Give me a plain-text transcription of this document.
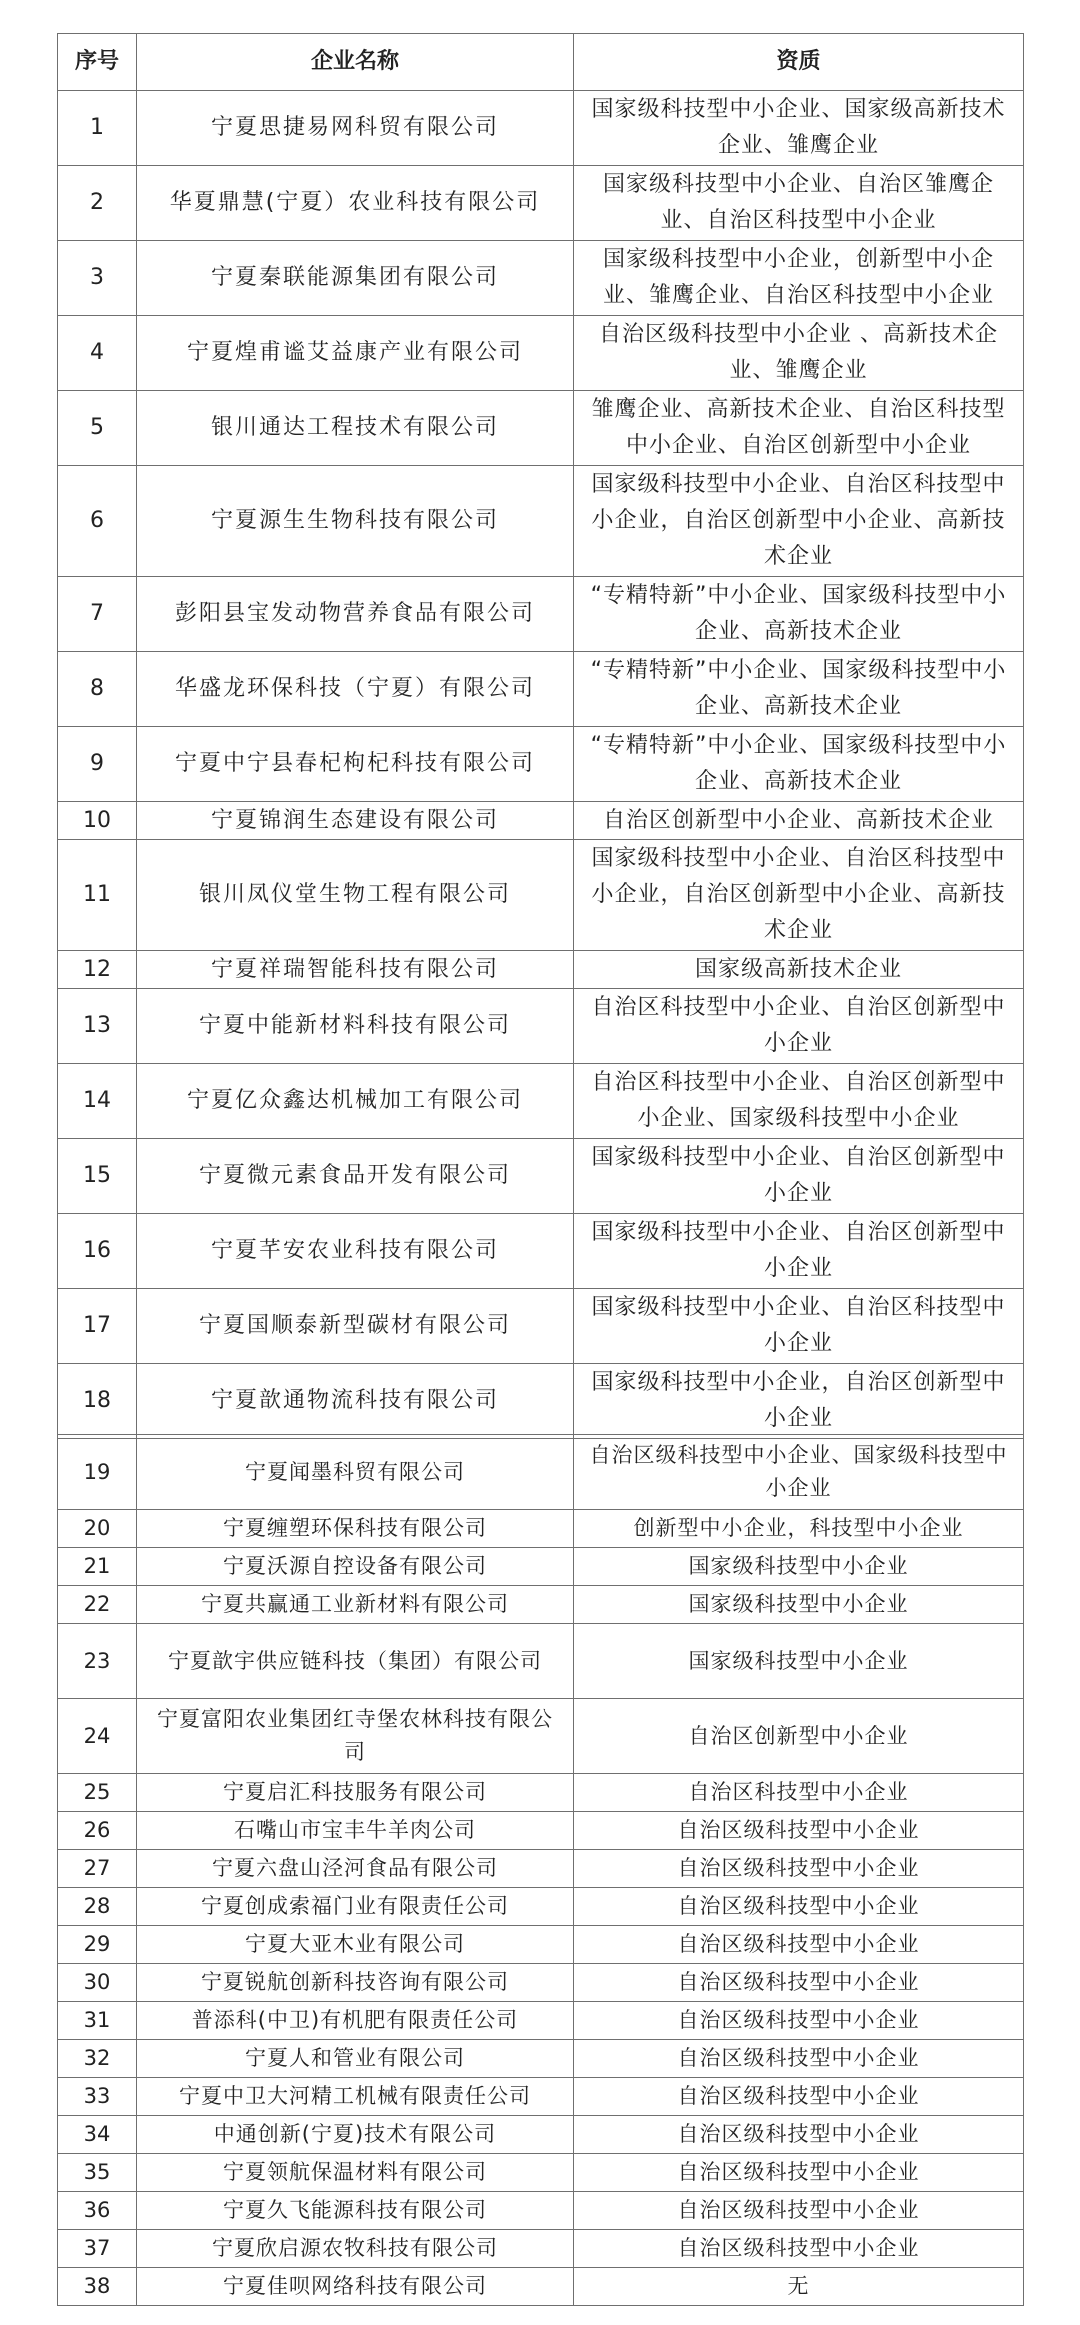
序号	企业名称	资质
1	宁夏思捷易网科贸有限公司	国家级科技型中小企业、国家级高新技术企业、雏鹰企业
2	华夏鼎慧(宁夏）农业科技有限公司	国家级科技型中小企业、自治区雏鹰企业、自治区科技型中小企业
3	宁夏秦联能源集团有限公司	国家级科技型中小企业，创新型中小企业、雏鹰企业、自治区科技型中小企业
4	宁夏煌甫谧艾益康产业有限公司	自治区级科技型中小企业 、高新技术企业、雏鹰企业
5	银川通达工程技术有限公司	雏鹰企业、高新技术企业、自治区科技型中小企业、自治区创新型中小企业
6	宁夏源生生物科技有限公司	国家级科技型中小企业、自治区科技型中小企业，自治区创新型中小企业、高新技术企业
7	彭阳县宝发动物营养食品有限公司	“专精特新”中小企业、国家级科技型中小企业、高新技术企业
8	华盛龙环保科技（宁夏）有限公司	“专精特新”中小企业、国家级科技型中小企业、高新技术企业
9	宁夏中宁县春杞枸杞科技有限公司	“专精特新”中小企业、国家级科技型中小企业、高新技术企业
10	宁夏锦润生态建设有限公司	自治区创新型中小企业、高新技术企业
11	银川凤仪堂生物工程有限公司	国家级科技型中小企业、自治区科技型中小企业，自治区创新型中小企业、高新技术企业
12	宁夏祥瑞智能科技有限公司	国家级高新技术企业
13	宁夏中能新材料科技有限公司	自治区科技型中小企业、自治区创新型中小企业
14	宁夏亿众鑫达机械加工有限公司	自治区科技型中小企业、自治区创新型中小企业、国家级科技型中小企业
15	宁夏微元素食品开发有限公司	国家级科技型中小企业、自治区创新型中小企业
16	宁夏芊安农业科技有限公司	国家级科技型中小企业、自治区创新型中小企业
17	宁夏国顺泰新型碳材有限公司	国家级科技型中小企业、自治区科技型中小企业
18	宁夏歆通物流科技有限公司	国家级科技型中小企业，自治区创新型中小企业
19	宁夏闻墨科贸有限公司	自治区级科技型中小企业、国家级科技型中小企业
20	宁夏缠塑环保科技有限公司	创新型中小企业，科技型中小企业
21	宁夏沃源自控设备有限公司	国家级科技型中小企业
22	宁夏共赢通工业新材料有限公司	国家级科技型中小企业
23	宁夏歆宇供应链科技（集团）有限公司	国家级科技型中小企业
24	宁夏富阳农业集团红寺堡农林科技有限公司	自治区创新型中小企业
25	宁夏启汇科技服务有限公司	自治区科技型中小企业
26	石嘴山市宝丰牛羊肉公司	自治区级科技型中小企业
27	宁夏六盘山泾河食品有限公司	自治区级科技型中小企业
28	宁夏创成索福门业有限责任公司	自治区级科技型中小企业
29	宁夏大亚木业有限公司	自治区级科技型中小企业
30	宁夏锐航创新科技咨询有限公司	自治区级科技型中小企业
31	普添科(中卫)有机肥有限责任公司	自治区级科技型中小企业
32	宁夏人和管业有限公司	自治区级科技型中小企业
33	宁夏中卫大河精工机械有限责任公司	自治区级科技型中小企业
34	中通创新(宁夏)技术有限公司	自治区级科技型中小企业
35	宁夏领航保温材料有限公司	自治区级科技型中小企业
36	宁夏久飞能源科技有限公司	自治区级科技型中小企业
37	宁夏欣启源农牧科技有限公司	自治区级科技型中小企业
38	宁夏佳呗网络科技有限公司	无
